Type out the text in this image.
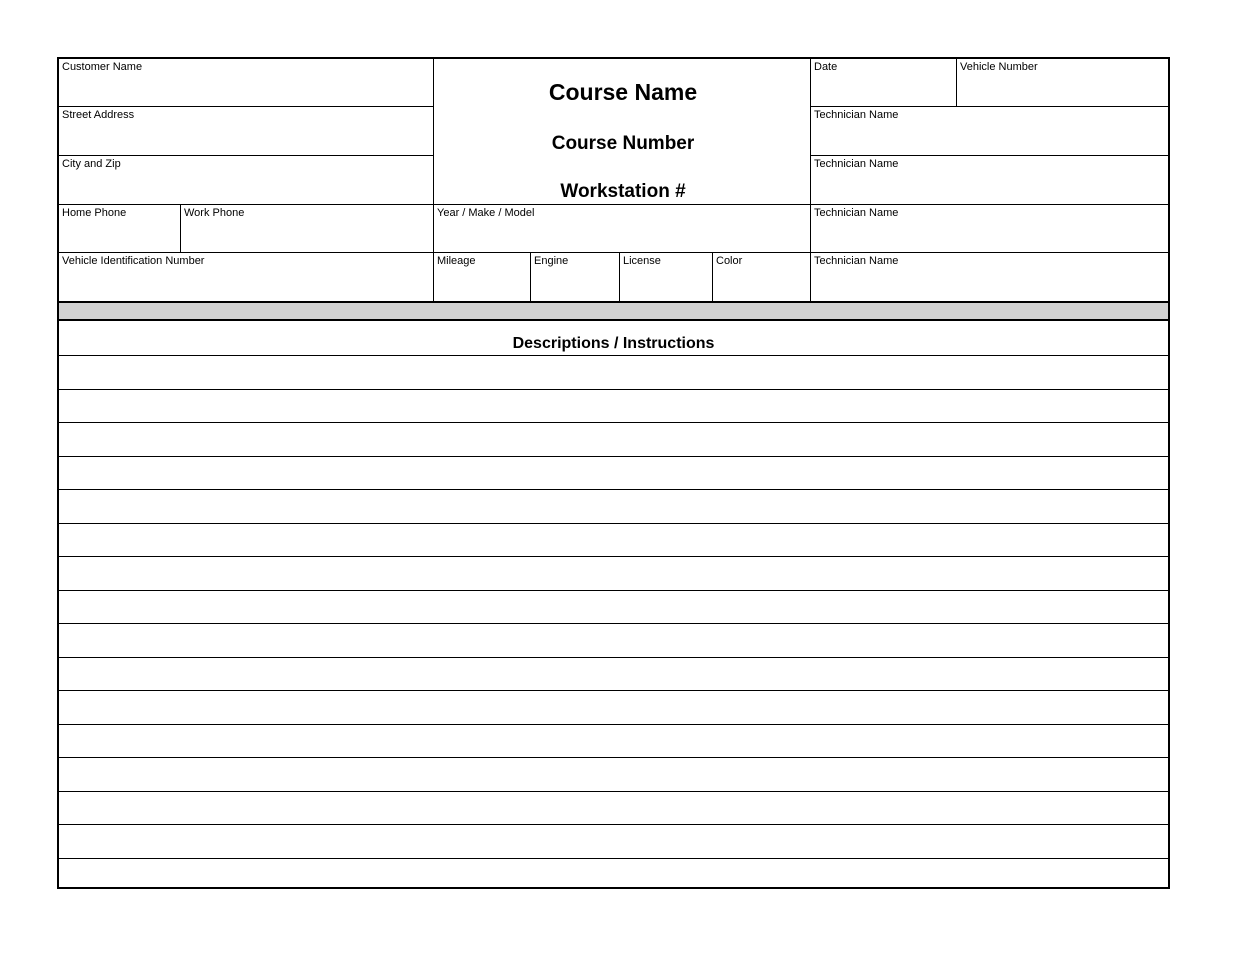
Customer Name
Street Address
City and Zip
Home Phone	Work Phone
Vehicle Identification Number
Course Name
Course Number
Workstation #
Year / Make / Model
Mileage	Engine	License	Color
Date	Vehicle Number
Technician Name
Technician Name
Technician Name
Technician Name
Descriptions / Instructions
